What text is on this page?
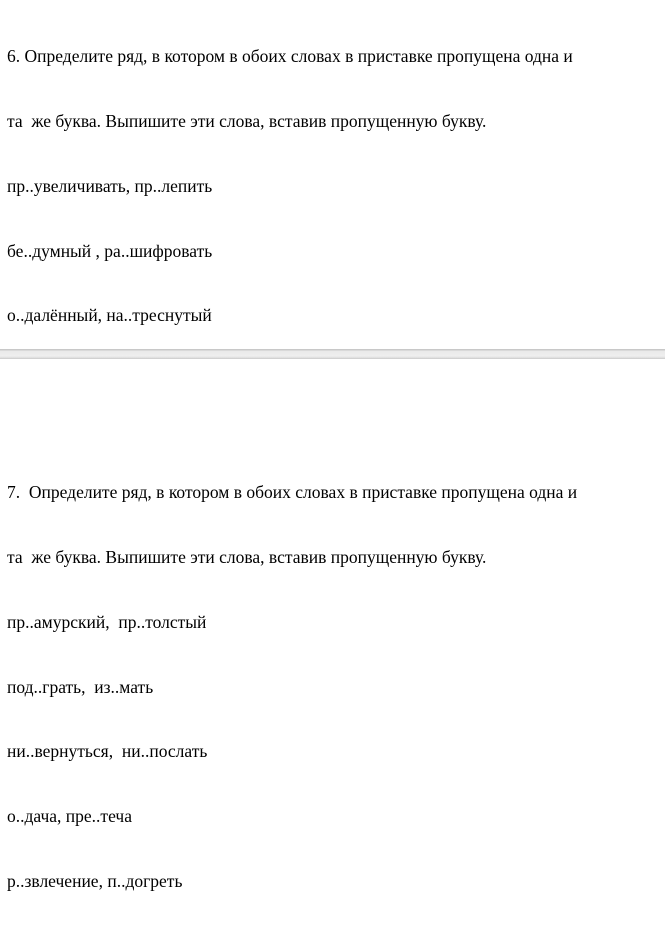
6. Определите ряд, в котором в обоих словах в приставке пропущена одна и

та  же буква. Выпишите эти слова, вставив пропущенную букву.

пр..увеличивать, пр..лепить

бе..думный , ра..шифровать

о..далённый, на..треснутый

7.  Определите ряд, в котором в обоих словах в приставке пропущена одна и

та  же буква. Выпишите эти слова, вставив пропущенную букву.

пр..амурский,  пр..толстый

под..грать,  из..мать

ни..вернуться,  ни..послать

о..дача, пре..теча

р..звлечение, п..догреть
